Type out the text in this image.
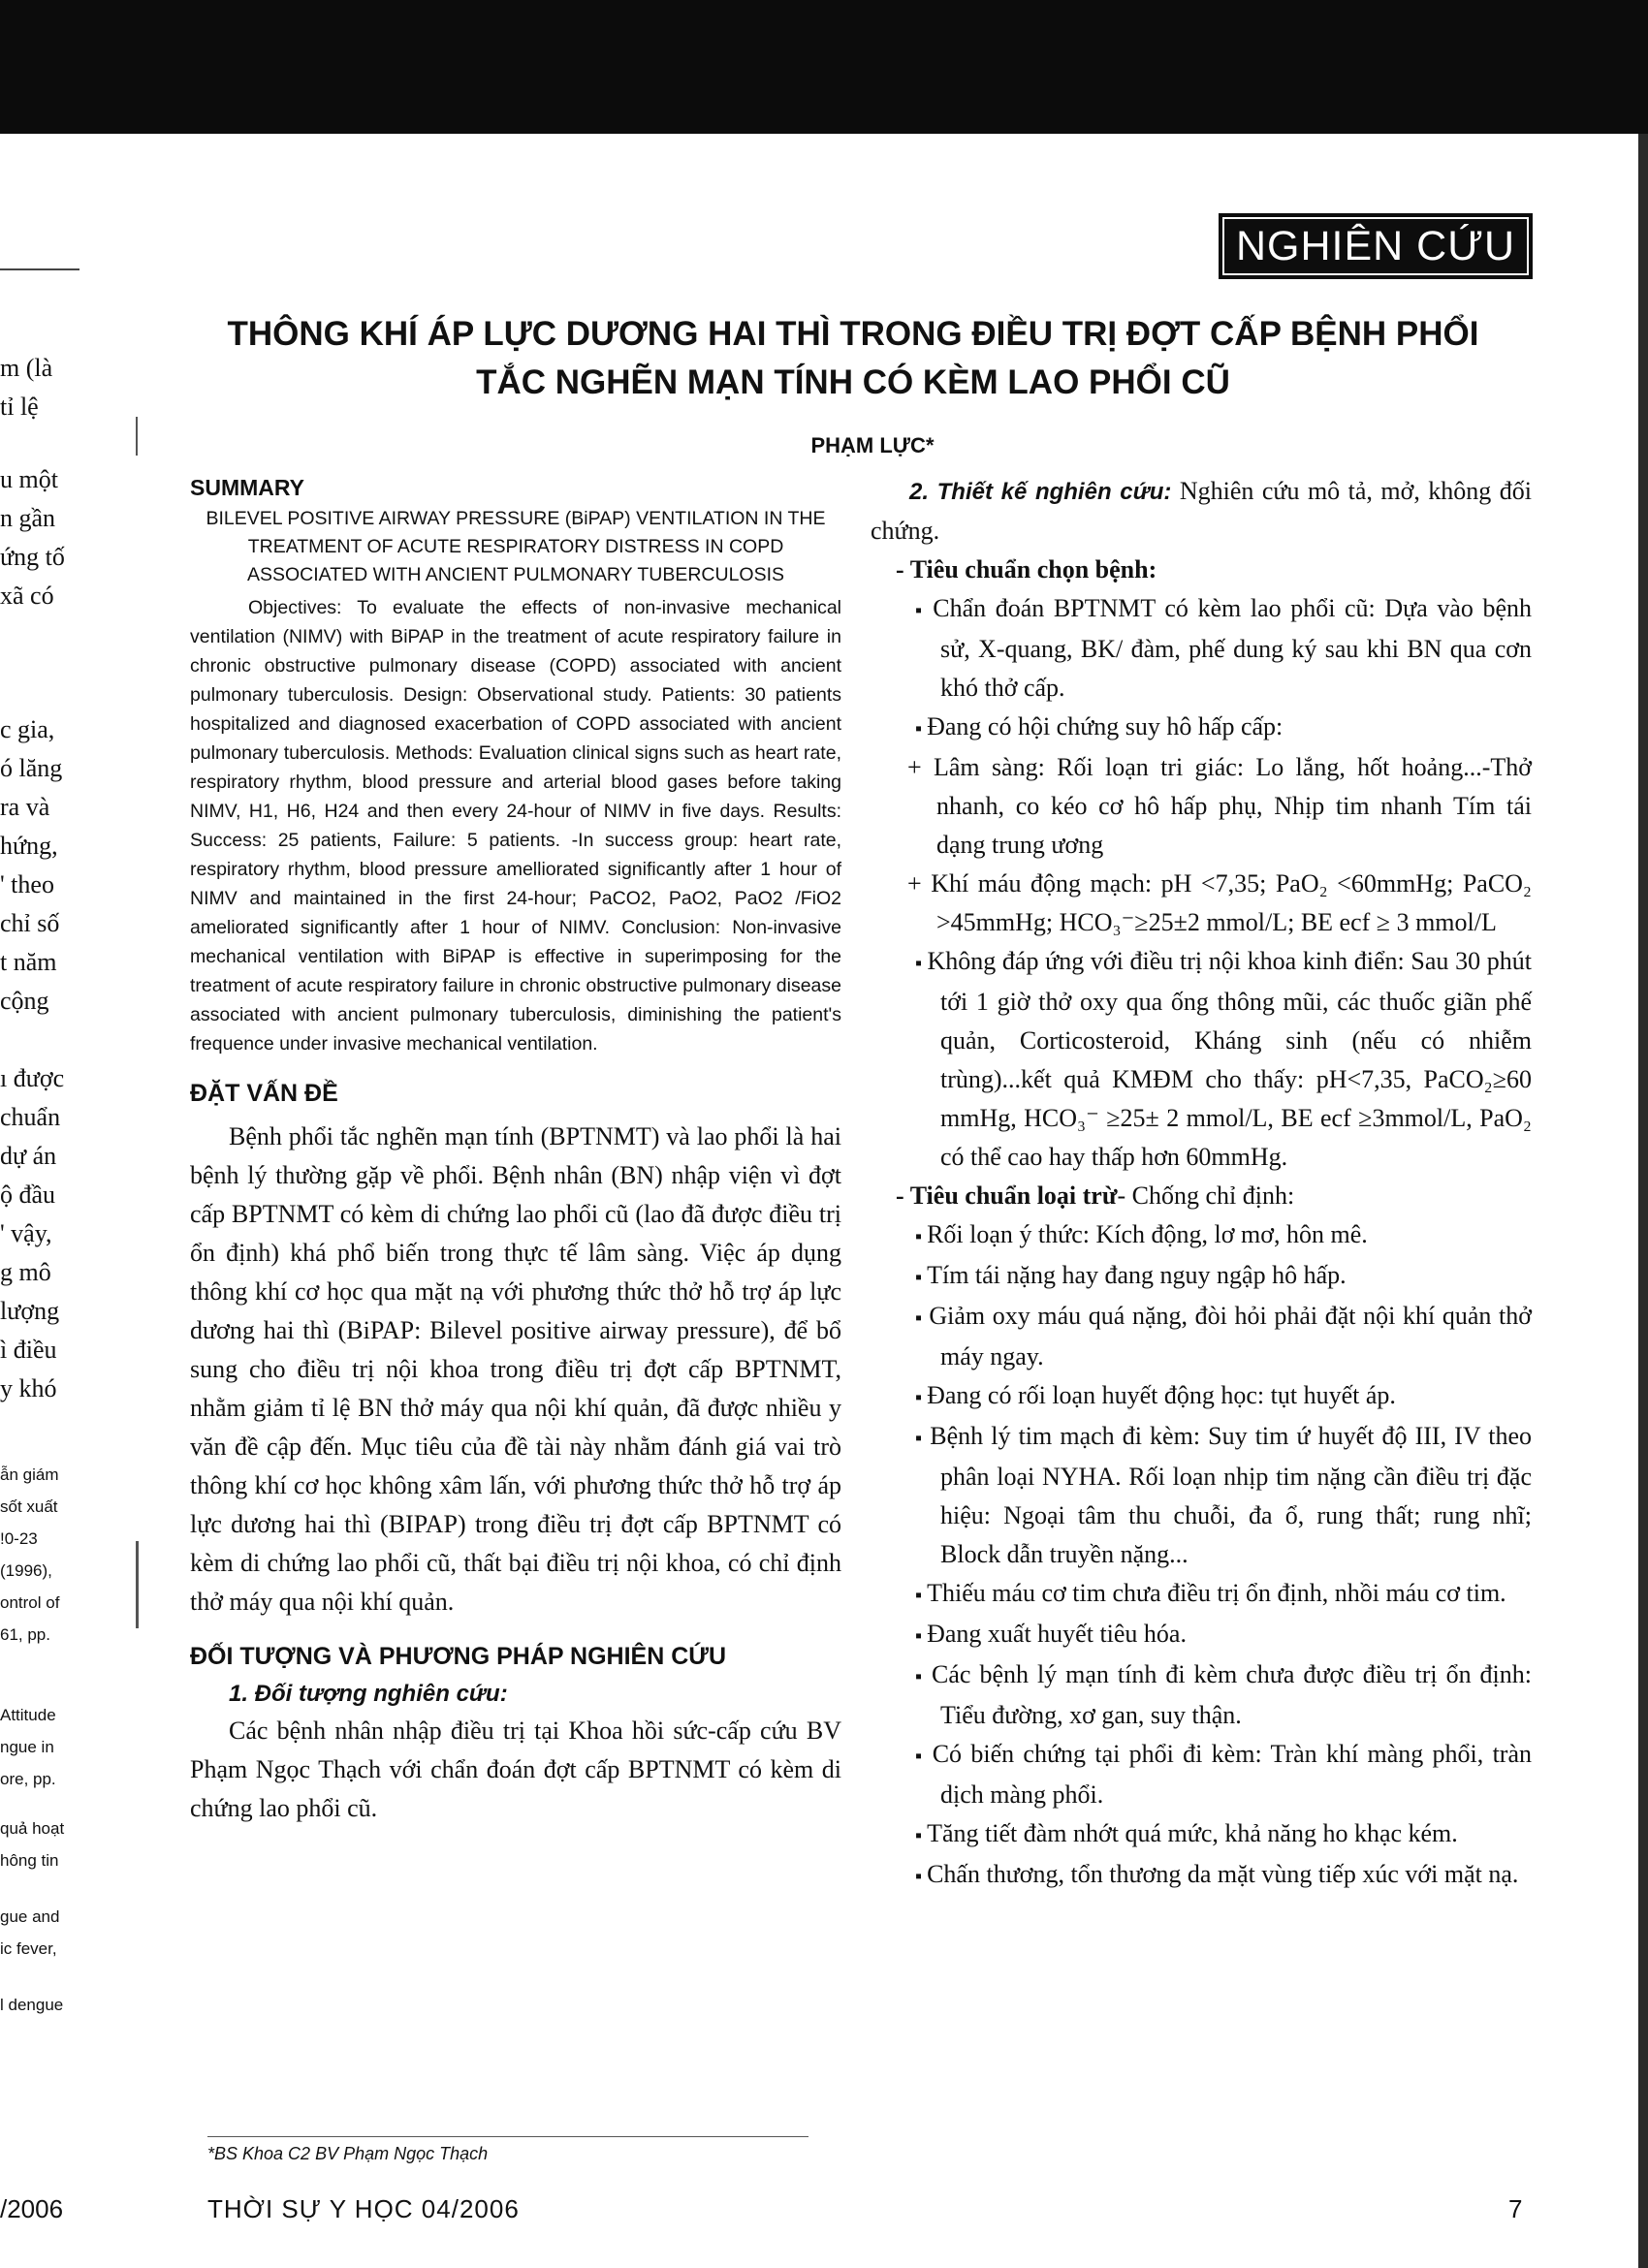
NGHIÊN CỨU
m (là
tỉ lệ
u một
n gần
ứng tố
xã có
c gia,
ó lăng
ra và
hứng,
' theo
chỉ số
t năm
cộng
ı được
chuẩn
dự án
ộ đầu
' vậy,
g mô
lượng
ì điều
y khó
ẫn giám
sốt xuất
!0-23
(1996),
ontrol of
61, pp.
Attitude
ngue in
ore, pp.
quả hoạt
hông tin
gue and
ic fever,
l dengue
THÔNG KHÍ ÁP LỰC DƯƠNG HAI THÌ TRONG ĐIỀU TRỊ ĐỢT CẤP BỆNH PHỔI
TẮC NGHẼN MẠN TÍNH CÓ KÈM LAO PHỔI CŨ
PHẠM LỰC*
SUMMARY
BILEVEL POSITIVE AIRWAY PRESSURE (BiPAP) VENTILATION IN THE TREATMENT OF ACUTE RESPIRATORY DISTRESS IN COPD ASSOCIATED WITH ANCIENT PULMONARY TUBERCULOSIS

Objectives: To evaluate the effects of non-invasive mechanical ventilation (NIMV) with BiPAP in the treatment of acute respiratory failure in chronic obstructive pulmonary disease (COPD) associated with ancient pulmonary tuberculosis. Design: Observational study. Patients: 30 patients hospitalized and diagnosed exacerbation of COPD associated with ancient pulmonary tuberculosis. Methods: Evaluation clinical signs such as heart rate, respiratory rhythm, blood pressure and arterial blood gases before taking NIMV, H1, H6, H24 and then every 24-hour of NIMV in five days. Results: Success: 25 patients, Failure: 5 patients. -In success group: heart rate, respiratory rhythm, blood pressure amelliorated significantly after 1 hour of NIMV and maintained in the first 24-hour; PaCO2, PaO2, PaO2 /FiO2 ameliorated significantly after 1 hour of NIMV. Conclusion: Non-invasive mechanical ventilation with BiPAP is effective in superimposing for the treatment of acute respiratory failure in chronic obstructive pulmonary disease associated with ancient pulmonary tuberculosis, diminishing the patient's frequence under invasive mechanical ventilation.

ĐẶT VẤN ĐỀ

Bệnh phổi tắc nghẽn mạn tính (BPTNMT) và lao phổi là hai bệnh lý thường gặp về phổi. Bệnh nhân (BN) nhập viện vì đợt cấp BPTNMT có kèm di chứng lao phổi cũ (lao đã được điều trị ổn định) khá phổ biến trong thực tế lâm sàng. Việc áp dụng thông khí cơ học qua mặt nạ với phương thức thở hỗ trợ áp lực dương hai thì (BiPAP: Bilevel positive airway pressure), để bổ sung cho điều trị nội khoa trong điều trị đợt cấp BPTNMT, nhằm giảm tỉ lệ BN thở máy qua nội khí quản, đã được nhiều y văn đề cập đến. Mục tiêu của đề tài này nhằm đánh giá vai trò thông khí cơ học không xâm lấn, với phương thức thở hỗ trợ áp lực dương hai thì (BIPAP) trong điều trị đợt cấp BPTNMT có kèm di chứng lao phổi cũ, thất bại điều trị nội khoa, có chỉ định thở máy qua nội khí quản.

ĐỐI TƯỢNG VÀ PHƯƠNG PHÁP NGHIÊN CỨU
1. Đối tượng nghiên cứu:

Các bệnh nhân nhập điều trị tại Khoa hồi sức-cấp cứu BV Phạm Ngọc Thạch với chẩn đoán đợt cấp BPTNMT có kèm di chứng lao phổi cũ.

2. Thiết kế nghiên cứu: Nghiên cứu mô tả, mở, không đối chứng.

- Tiêu chuẩn chọn bệnh:
▪ Chẩn đoán BPTNMT có kèm lao phổi cũ: Dựa vào bệnh sử, X-quang, BK/ đàm, phế dung ký sau khi BN qua cơn khó thở cấp.
▪ Đang có hội chứng suy hô hấp cấp:
+ Lâm sàng: Rối loạn tri giác: Lo lắng, hốt hoảng...-Thở nhanh, co kéo cơ hô hấp phụ, Nhịp tim nhanh Tím tái dạng trung ương
+ Khí máu động mạch: pH <7,35; PaO₂ <60mmHg; PaCO₂ >45mmHg; HCO₃⁻≥25±2 mmol/L; BE ecf ≥ 3 mmol/L
▪ Không đáp ứng với điều trị nội khoa kinh điển: Sau 30 phút tới 1 giờ thở oxy qua ống thông mũi, các thuốc giãn phế quản, Corticosteroid, Kháng sinh (nếu có nhiễm trùng)...kết quả KMĐM cho thấy: pH<7,35, PaCO₂≥60 mmHg, HCO₃⁻ ≥25± 2 mmol/L, BE ecf ≥3mmol/L, PaO₂ có thể cao hay thấp hơn 60mmHg.
- Tiêu chuẩn loại trừ- Chống chỉ định:
▪ Rối loạn ý thức: Kích động, lơ mơ, hôn mê.
▪ Tím tái nặng hay đang nguy ngập hô hấp.
▪ Giảm oxy máu quá nặng, đòi hỏi phải đặt nội khí quản thở máy ngay.
▪ Đang có rối loạn huyết động học: tụt huyết áp.
▪ Bệnh lý tim mạch đi kèm: Suy tim ứ huyết độ III, IV theo phân loại NYHA. Rối loạn nhịp tim nặng cần điều trị đặc hiệu: Ngoại tâm thu chuỗi, đa ổ, rung thất; rung nhĩ; Block dẫn truyền nặng...
▪ Thiếu máu cơ tim chưa điều trị ổn định, nhồi máu cơ tim.
▪ Đang xuất huyết tiêu hóa.
▪ Các bệnh lý mạn tính đi kèm chưa được điều trị ổn định: Tiểu đường, xơ gan, suy thận.
▪ Có biến chứng tại phổi đi kèm: Tràn khí màng phổi, tràn dịch màng phổi.
▪ Tăng tiết đàm nhớt quá mức, khả năng ho khạc kém.
▪ Chấn thương, tổn thương da mặt vùng tiếp xúc với mặt nạ.
*BS Khoa C2 BV Phạm Ngọc Thạch
/2006	THỜI SỰ Y HỌC 04/2006	7
